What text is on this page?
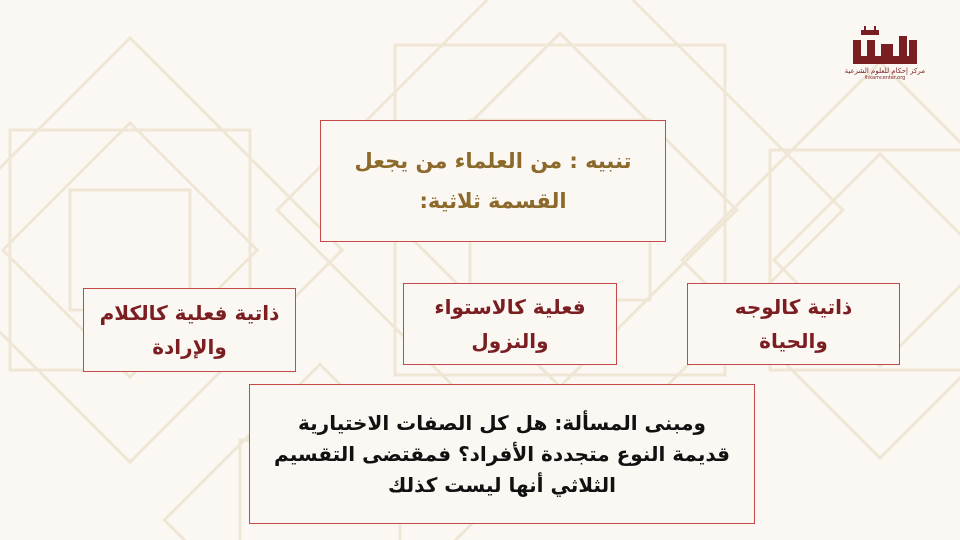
مركز إحكام للعلوم الشرعية
ihkamcenter.org
تنبيه : من العلماء من يجعل
القسمة ثلاثية:
ذاتية كالوجه
والحياة
فعلية كالاستواء
والنزول
ذاتية فعلية كالكلام
والإرادة
ومبنى المسألة: هل كل الصفات الاختيارية
قديمة النوع متجددة الأفراد؟ فمقتضى التقسيم
الثلاثي أنها ليست كذلك
